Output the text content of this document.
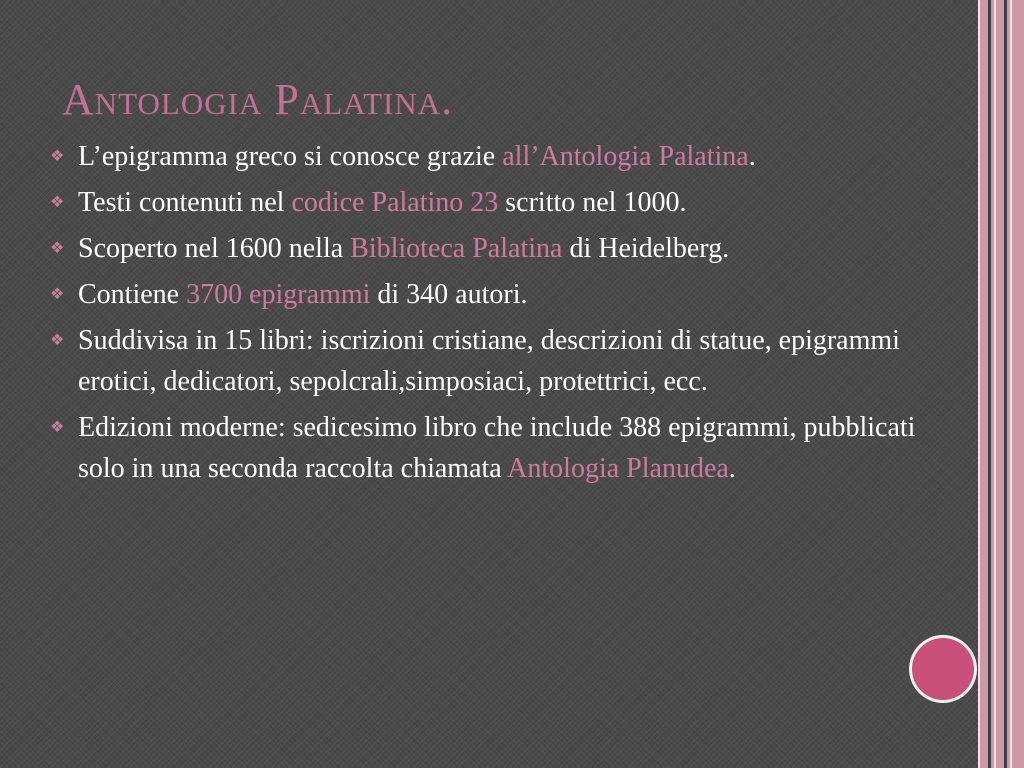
Antologia Palatina.
❖ L’epigramma greco si conosce grazie all’Antologia Palatina.
❖ Testi contenuti nel codice Palatino 23 scritto nel 1000.
❖ Scoperto nel 1600 nella Biblioteca Palatina di Heidelberg.
❖ Contiene 3700 epigrammi di 340 autori.
❖ Suddivisa in 15 libri: iscrizioni cristiane, descrizioni di statue, epigrammi erotici, dedicatori, sepolcrali,simposiaci, protettrici, ecc.
❖ Edizioni moderne: sedicesimo libro che include 388 epigrammi, pubblicati solo in una seconda raccolta chiamata Antologia Planudea.
